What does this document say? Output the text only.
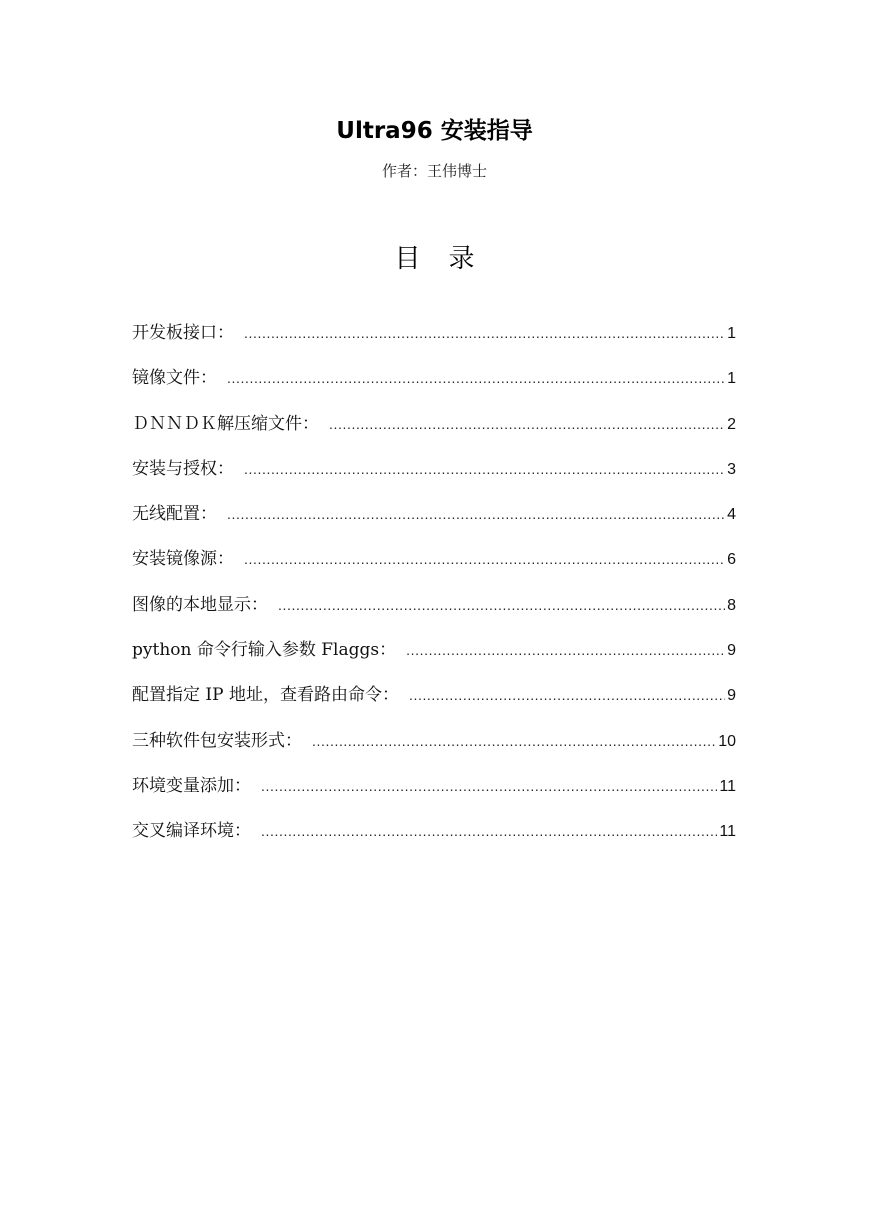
Ultra96 安装指导
作者：王伟博士
目录
开发板接口： .....	1
镜像文件： .....	1
ＤＮＮＤＫ解压缩文件： .....	2
安装与授权： .....	3
无线配置： .....	4
安装镜像源： .....	6
图像的本地显示： .....	8
python 命令行输入参数 Flaggs： .....	9
配置指定 IP 地址，查看路由命令： .....	9
三种软件包安装形式： .....	10
环境变量添加： .....	11
交叉编译环境： .....	11
